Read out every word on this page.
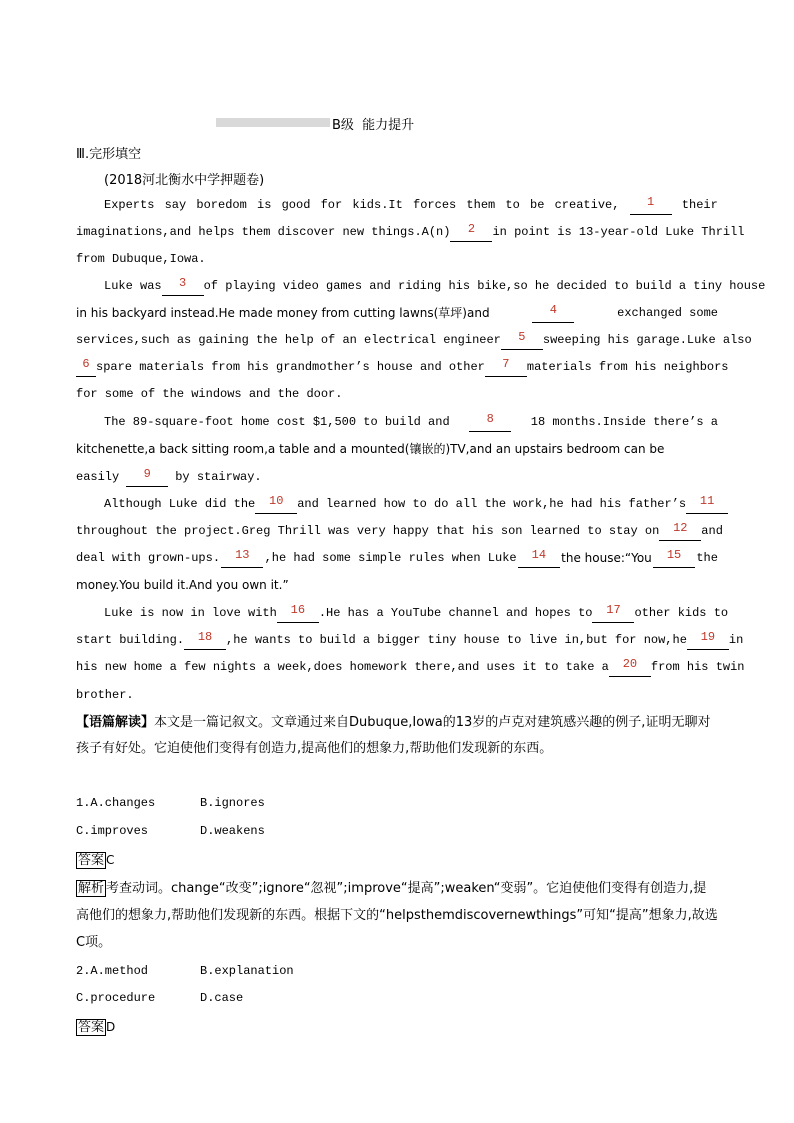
B级  能力提升
Ⅲ.完形填空
(2018河北衡水中学押题卷)
Experts say boredom is good for kids.It forces them to be creative,	1	their
imaginations,and helps them discover new things.A(n)	2	in point is 13-year-old Luke Thrill
from Dubuque,Iowa.
Luke was	3	of playing video games and riding his bike,so he decided to build a tiny house
in his backyard instead.He made money from cutting lawns(草坪)and	4	exchanged some
services,such as gaining the help of an electrical engineer	5	sweeping his garage.Luke also
6 spare materials from his grandmother’s house and other	7	materials from his neighbors
for some of the windows and the door.
The 89-square-foot home cost $1,500 to build and	8	18 months.Inside there’s a
kitchenette,a back sitting room,a table and a mounted(镶嵌的)TV,and an upstairs bedroom can be
easily	9	by stairway.
Although Luke did the	10	and learned how to do all the work,he had his father’s	11
throughout the project.Greg Thrill was very happy that his son learned to stay on	12	and
deal with grown-ups.	13	,he had some simple rules when Luke	14	the house:“You	15	the
money.You build it.And you own it.”
Luke is now in love with	16	.He has a YouTube channel and hopes to	17	other kids to
start building.	18	,he wants to build a bigger tiny house to live in,but for now,he	19	in
his new home a few nights a week,does homework there,and uses it to take a	20	from his twin
brother.
【语篇解读】本文是一篇记叙文。文章通过来自Dubuque,Iowa的13岁的卢克对建筑感兴趣的例子,证明无聊对孩子有好处。它迫使他们变得有创造力,提高他们的想象力,帮助他们发现新的东西。
1.A.changes	B.ignores
C.improves	D.weakens
答案 C
解析 考查动词。change“改变”;ignore“忽视”;improve“提高”;weaken“变弱”。它迫使他们变得有创造力,提高他们的想象力,帮助他们发现新的东西。根据下文的“helpsthemdiscovernewthings”可知“提高”想象力,故选C项。
2.A.method	B.explanation
C.procedure	D.case
答案 D
